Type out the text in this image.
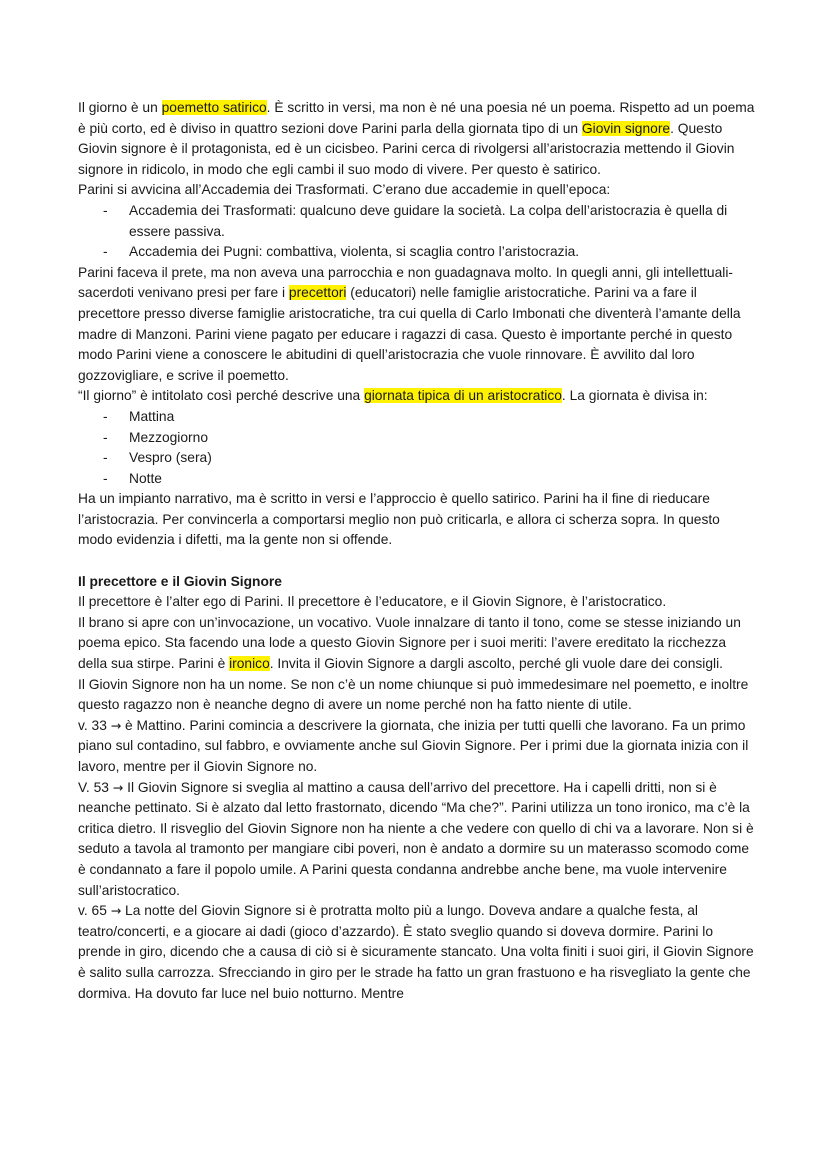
Il giorno è un poemetto satirico. È scritto in versi, ma non è né una poesia né un poema. Rispetto ad un poema è più corto, ed è diviso in quattro sezioni dove Parini parla della giornata tipo di un Giovin signore. Questo Giovin signore è il protagonista, ed è un cicisbeo. Parini cerca di rivolgersi all’aristocrazia mettendo il Giovin signore in ridicolo, in modo che egli cambi il suo modo di vivere. Per questo è satirico.

Parini si avvicina all’Accademia dei Trasformati. C’erano due accademie in quell’epoca:

- Accademia dei Trasformati: qualcuno deve guidare la società. La colpa dell’aristocrazia è quella di essere passiva.
- Accademia dei Pugni: combattiva, violenta, si scaglia contro l’aristocrazia.

Parini faceva il prete, ma non aveva una parrocchia e non guadagnava molto. In quegli anni, gli intellettuali-sacerdoti venivano presi per fare i precettori (educatori) nelle famiglie aristocratiche. Parini va a fare il precettore presso diverse famiglie aristocratiche, tra cui quella di Carlo Imbonati che diventerà l’amante della madre di Manzoni. Parini viene pagato per educare i ragazzi di casa. Questo è importante perché in questo modo Parini viene a conoscere le abitudini di quell’aristocrazia che vuole rinnovare. È avvilito dal loro gozzovigliare, e scrive il poemetto.

“Il giorno” è intitolato così perché descrive una giornata tipica di un aristocratico. La giornata è divisa in:

- Mattina
- Mezzogiorno
- Vespro (sera)
- Notte

Ha un impianto narrativo, ma è scritto in versi e l’approccio è quello satirico. Parini ha il fine di rieducare l’aristocrazia. Per convincerla a comportarsi meglio non può criticarla, e allora ci scherza sopra. In questo modo evidenzia i difetti, ma la gente non si offende.

Il precettore e il Giovin Signore

Il precettore è l’alter ego di Parini. Il precettore è l’educatore, e il Giovin Signore, è l’aristocratico.

Il brano si apre con un’invocazione, un vocativo. Vuole innalzare di tanto il tono, come se stesse iniziando un poema epico. Sta facendo una lode a questo Giovin Signore per i suoi meriti: l’avere ereditato la ricchezza della sua stirpe. Parini è ironico. Invita il Giovin Signore a dargli ascolto, perché gli vuole dare dei consigli.

Il Giovin Signore non ha un nome. Se non c’è un nome chiunque si può immedesimare nel poemetto, e inoltre questo ragazzo non è neanche degno di avere un nome perché non ha fatto niente di utile.

v. 33 → è Mattino. Parini comincia a descrivere la giornata, che inizia per tutti quelli che lavorano. Fa un primo piano sul contadino, sul fabbro, e ovviamente anche sul Giovin Signore. Per i primi due la giornata inizia con il lavoro, mentre per il Giovin Signore no.

V. 53 → Il Giovin Signore si sveglia al mattino a causa dell’arrivo del precettore. Ha i capelli dritti, non si è neanche pettinato. Si è alzato dal letto frastornato, dicendo “Ma che?”. Parini utilizza un tono ironico, ma c’è la critica dietro. Il risveglio del Giovin Signore non ha niente a che vedere con quello di chi va a lavorare. Non si è seduto a tavola al tramonto per mangiare cibi poveri, non è andato a dormire su un materasso scomodo come è condannato a fare il popolo umile. A Parini questa condanna andrebbe anche bene, ma vuole intervenire sull’aristocratico.

v. 65 → La notte del Giovin Signore si è protratta molto più a lungo. Doveva andare a qualche festa, al teatro/concerti, e a giocare ai dadi (gioco d’azzardo). È stato sveglio quando si doveva dormire. Parini lo prende in giro, dicendo che a causa di ciò si è sicuramente stancato. Una volta finiti i suoi giri, il Giovin Signore è salito sulla carrozza. Sfrecciando in giro per le strade ha fatto un gran frastuono e ha risvegliato la gente che dormiva. Ha dovuto far luce nel buio notturno. Mentre
